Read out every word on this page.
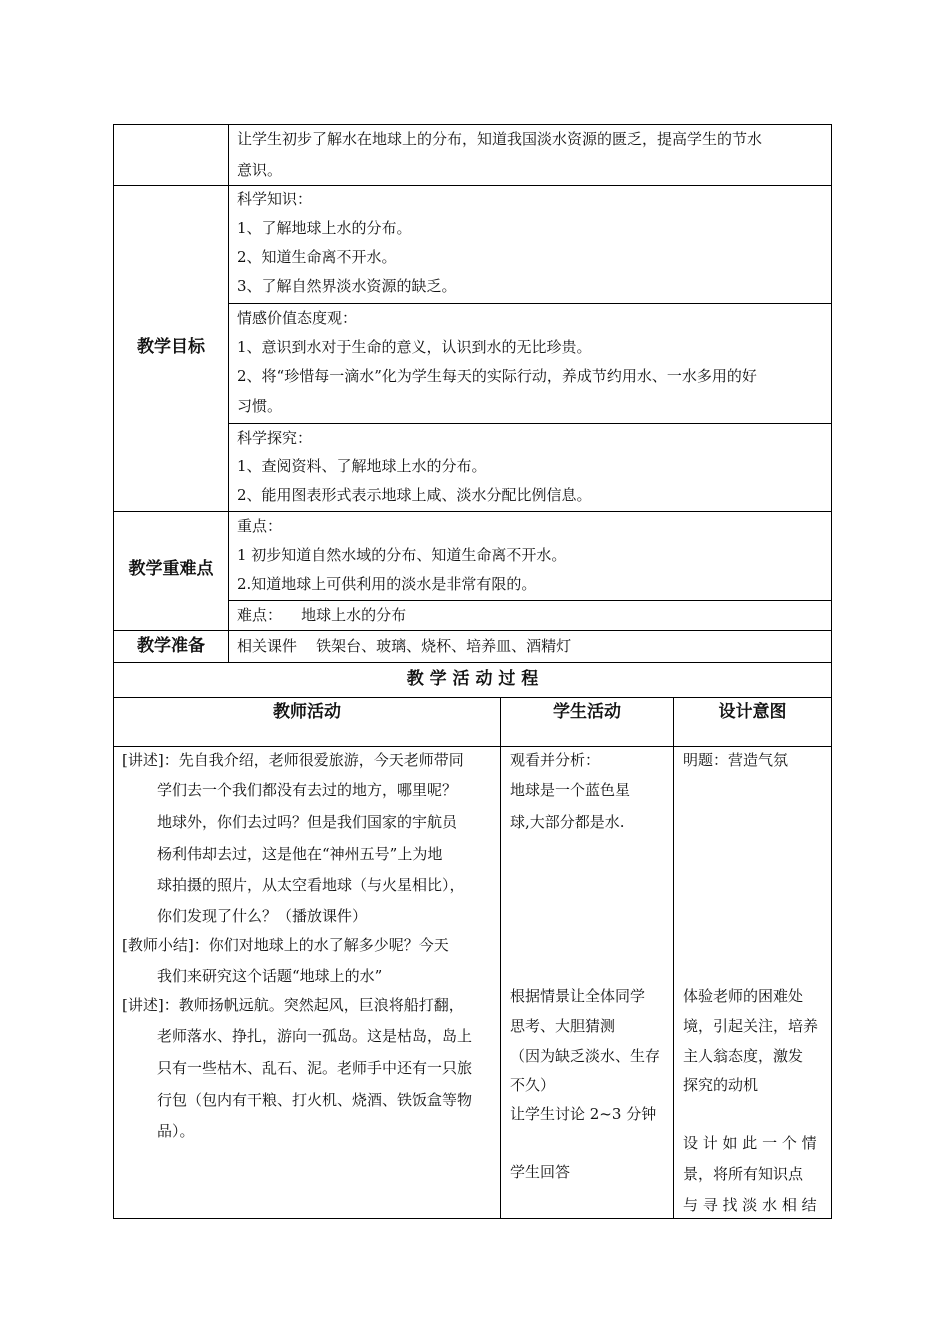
让学生初步了解水在地球上的分布，知道我国淡水资源的匮乏，提高学生的节水
意识。
教学目标
教学重难点
教学准备
科学知识：
1、了解地球上水的分布。
2、知道生命离不开水。
3、了解自然界淡水资源的缺乏。
情感价值态度观：
1、意识到水对于生命的意义，认识到水的无比珍贵。
2、将“珍惜每一滴水”化为学生每天的实际行动，养成节约用水、一水多用的好
习惯。
科学探究：
1、查阅资料、了解地球上水的分布。
2、能用图表形式表示地球上咸、淡水分配比例信息。
重点：
1 初步知道自然水域的分布、知道生命离不开水。
2.知道地球上可供利用的淡水是非常有限的。
难点：    地球上水的分布
相关课件    铁架台、玻璃、烧杯、培养皿、酒精灯
教 学 活 动 过 程
教师活动	学生活动	设计意图
[讲述]：先自我介绍，老师很爱旅游，今天老师带同
学们去一个我们都没有去过的地方，哪里呢？
地球外，你们去过吗？但是我们国家的宇航员
杨利伟却去过，这是他在“神州五号”上为地
球拍摄的照片，从太空看地球（与火星相比），
你们发现了什么？（播放课件）
[教师小结]：你们对地球上的水了解多少呢？今天
我们来研究这个话题“地球上的水”
[讲述]：教师扬帆远航。突然起风，巨浪将船打翻，
老师落水、挣扎，游向一孤岛。这是枯岛，岛上
只有一些枯木、乱石、泥。老师手中还有一只旅
行包（包内有干粮、打火机、烧酒、铁饭盒等物
品）。
观看并分析：
地球是一个蓝色星
球,大部分都是水.
根据情景让全体同学
思考、大胆猜测
（因为缺乏淡水、生存
不久）
让学生讨论 2~3 分钟
学生回答
明题：营造气氛
体验老师的困难处
境，引起关注，培养
主人翁态度，激发
探究的动机
设 计 如 此 一 个 情
景，将所有知识点
与 寻 找 淡 水 相 结
